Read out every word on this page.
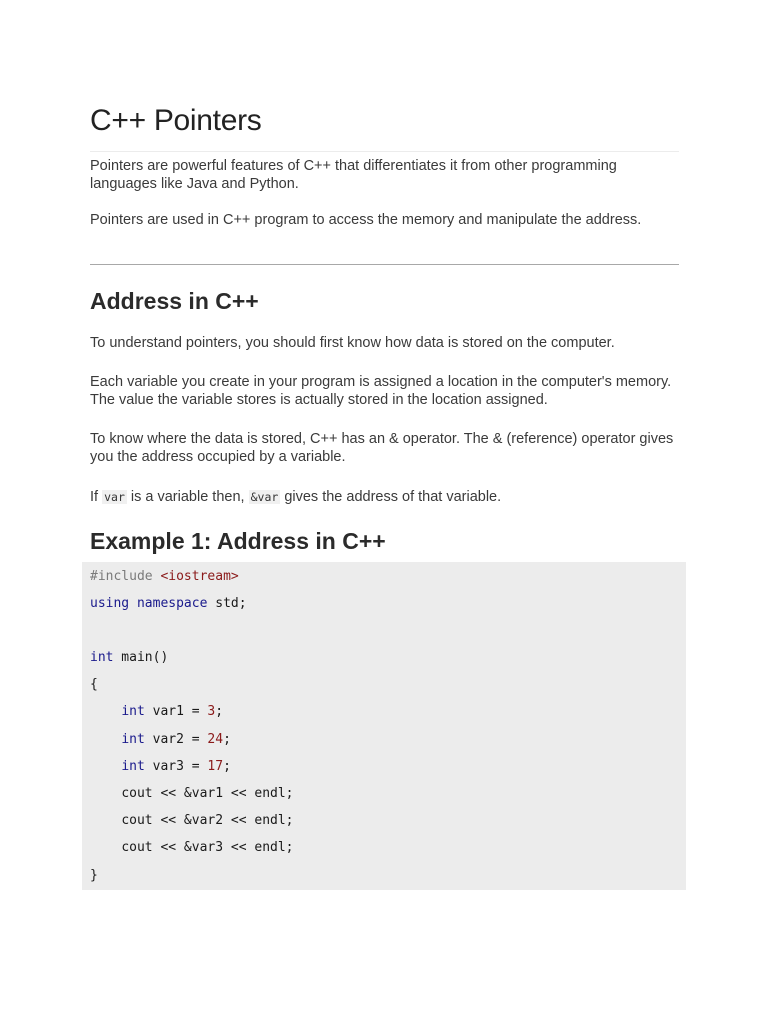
C++ Pointers

Pointers are powerful features of C++ that differentiates it from other programming languages like Java and Python.

Pointers are used in C++ program to access the memory and manipulate the address.

Address in C++

To understand pointers, you should first know how data is stored on the computer.

Each variable you create in your program is assigned a location in the computer's memory. The value the variable stores is actually stored in the location assigned.

To know where the data is stored, C++ has an & operator. The & (reference) operator gives you the address occupied by a variable.

If var is a variable then, &var gives the address of that variable.

Example 1: Address in C++
#include <iostream>
using namespace std;
int main()
{
int var1 = 3;
int var2 = 24;
int var3 = 17;
cout << &var1 << endl;
cout << &var2 << endl;
cout << &var3 << endl;
}
